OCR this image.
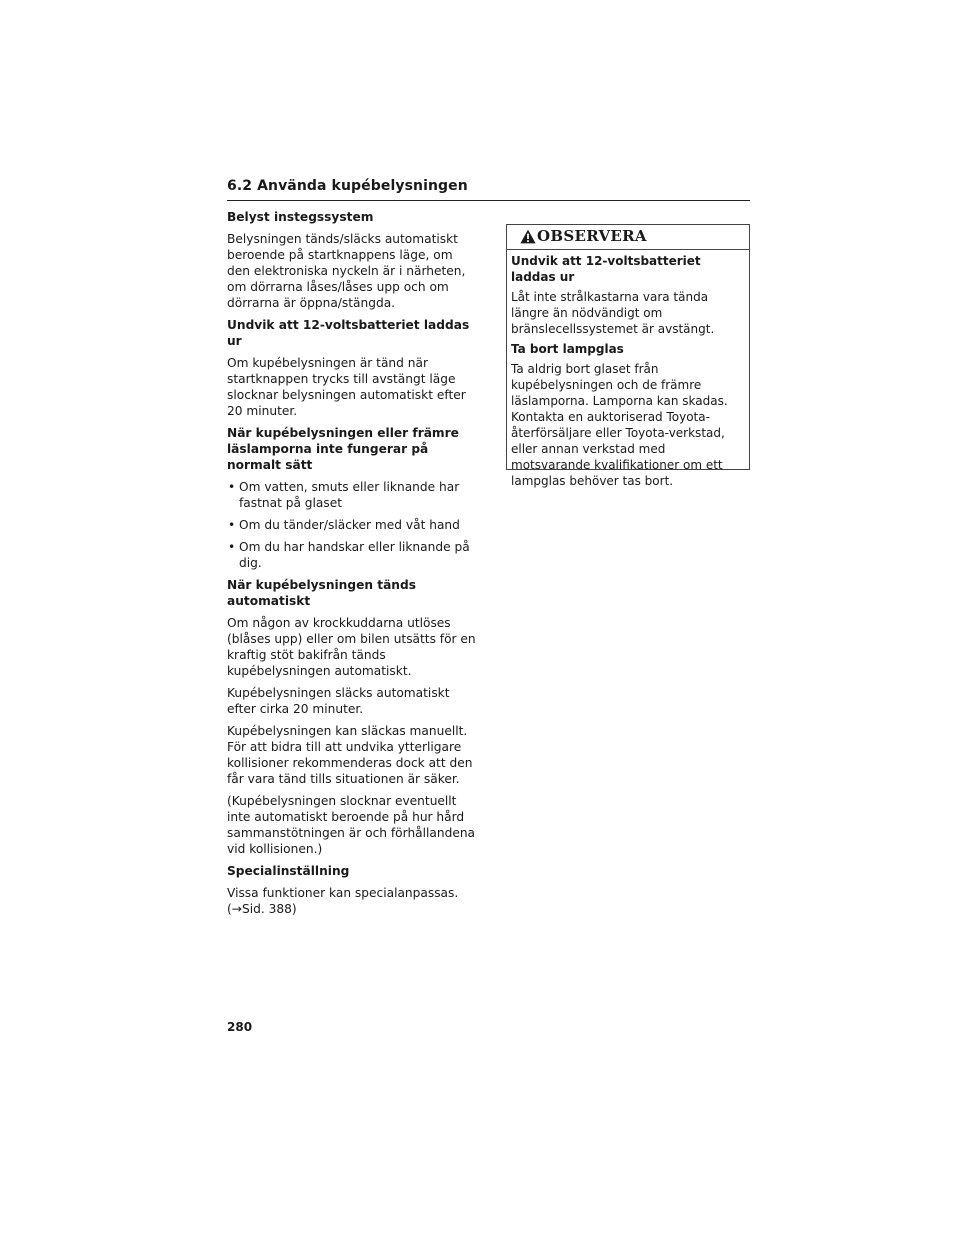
6.2 Använda kupébelysningen

Belyst instegssystem

Belysningen tänds/släcks automatiskt beroende på startknappens läge, om den elektroniska nyckeln är i närheten, om dörrarna låses/låses upp och om dörrarna är öppna/stängda.

Undvik att 12-voltsbatteriet laddas ur

Om kupébelysningen är tänd när startknappen trycks till avstängt läge slocknar belysningen automatiskt efter 20 minuter.

När kupébelysningen eller främre läslamporna inte fungerar på normalt sätt

• Om vatten, smuts eller liknande har fastnat på glaset
• Om du tänder/släcker med våt hand
• Om du har handskar eller liknande på dig.

När kupébelysningen tänds automatiskt

Om någon av krockkuddarna utlöses (blåses upp) eller om bilen utsätts för en kraftig stöt bakifrån tänds kupébelysningen automatiskt.

Kupébelysningen släcks automatiskt efter cirka 20 minuter.

Kupébelysningen kan släckas manuellt. För att bidra till att undvika ytterligare kollisioner rekommenderas dock att den får vara tänd tills situationen är säker.

(Kupébelysningen slocknar eventuellt inte automatiskt beroende på hur hård sammanstötningen är och förhållandena vid kollisionen.)

Specialinställning

Vissa funktioner kan specialanpassas.
(→Sid. 388)

OBSERVERA

Undvik att 12-voltsbatteriet laddas ur

Låt inte strålkastarna vara tända längre än nödvändigt om bränslecellssystemet är avstängt.

Ta bort lampglas

Ta aldrig bort glaset från kupébelysningen och de främre läslamporna. Lamporna kan skadas. Kontakta en auktoriserad Toyota-återförsäljare eller Toyota-verkstad, eller annan verkstad med motsvarande kvalifikationer om ett lampglas behöver tas bort.

280
